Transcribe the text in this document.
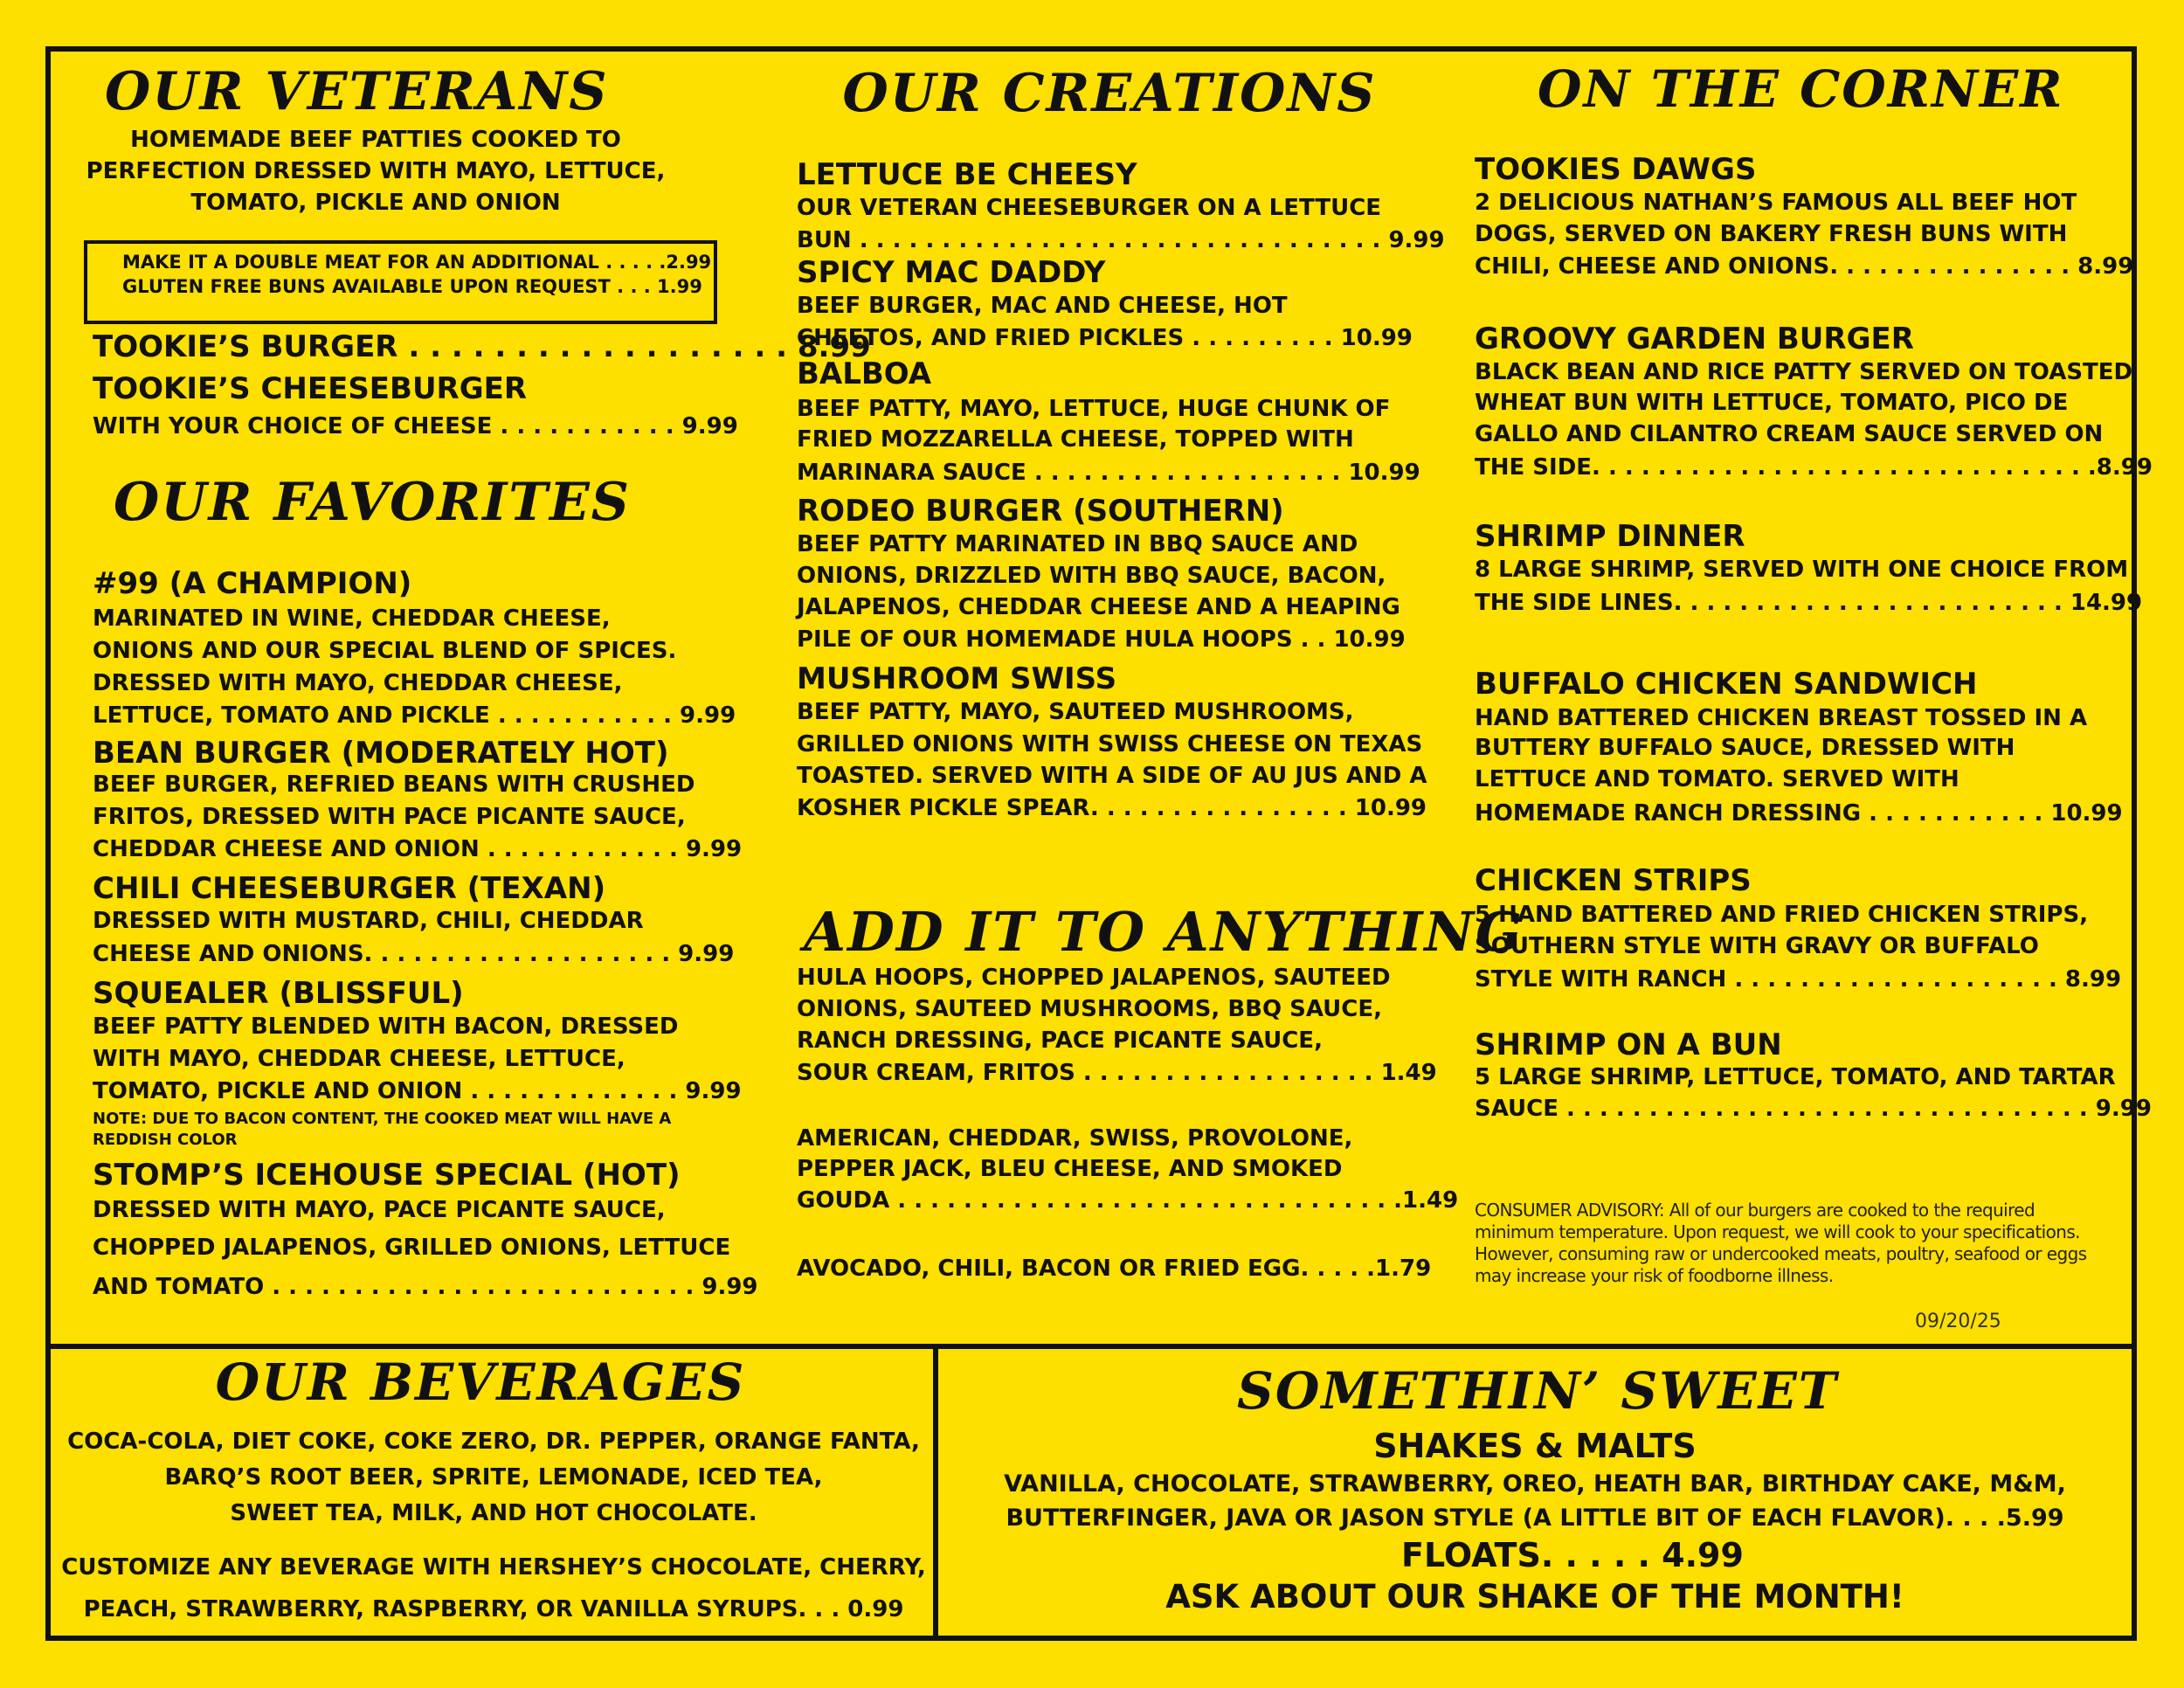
OUR VETERANS
HOMEMADE BEEF PATTIES COOKED TO
PERFECTION DRESSED WITH MAYO, LETTUCE,
TOMATO, PICKLE AND ONION
MAKE IT A DOUBLE MEAT FOR AN ADDITIONAL . . . . .2.99
GLUTEN FREE BUNS AVAILABLE UPON REQUEST . . . 1.99
TOOKIE’S BURGER . . . . . . . . . . . . . . . . . . 8.99
TOOKIE’S CHEESEBURGER
WITH YOUR CHOICE OF CHEESE . . . . . . . . . . . 9.99
OUR FAVORITES
#99 (A CHAMPION)
MARINATED IN WINE, CHEDDAR CHEESE,
ONIONS AND OUR SPECIAL BLEND OF SPICES.
DRESSED WITH MAYO, CHEDDAR CHEESE,
LETTUCE, TOMATO AND PICKLE . . . . . . . . . . . 9.99
BEAN BURGER (MODERATELY HOT)
BEEF BURGER, REFRIED BEANS WITH CRUSHED
FRITOS, DRESSED WITH PACE PICANTE SAUCE,
CHEDDAR CHEESE AND ONION . . . . . . . . . . . . 9.99
CHILI CHEESEBURGER (TEXAN)
DRESSED WITH MUSTARD, CHILI, CHEDDAR
CHEESE AND ONIONS. . . . . . . . . . . . . . . . . . . 9.99
SQUEALER (BLISSFUL)
BEEF PATTY BLENDED WITH BACON, DRESSED
WITH MAYO, CHEDDAR CHEESE, LETTUCE,
TOMATO, PICKLE AND ONION . . . . . . . . . . . . . 9.99
NOTE: DUE TO BACON CONTENT, THE COOKED MEAT WILL HAVE A
REDDISH COLOR
STOMP’S ICEHOUSE SPECIAL (HOT)
DRESSED WITH MAYO, PACE PICANTE SAUCE,
CHOPPED JALAPENOS, GRILLED ONIONS, LETTUCE
AND TOMATO . . . . . . . . . . . . . . . . . . . . . . . . . . 9.99
OUR CREATIONS
LETTUCE BE CHEESY
OUR VETERAN CHEESEBURGER ON A LETTUCE
BUN . . . . . . . . . . . . . . . . . . . . . . . . . . . . . . . . 9.99
SPICY MAC DADDY
BEEF BURGER, MAC AND CHEESE, HOT
CHEETOS, AND FRIED PICKLES . . . . . . . . . 10.99
BALBOA
BEEF PATTY, MAYO, LETTUCE, HUGE CHUNK OF
FRIED MOZZARELLA CHEESE, TOPPED WITH
MARINARA SAUCE . . . . . . . . . . . . . . . . . . . 10.99
RODEO BURGER (SOUTHERN)
BEEF PATTY MARINATED IN BBQ SAUCE AND
ONIONS, DRIZZLED WITH BBQ SAUCE, BACON,
JALAPENOS, CHEDDAR CHEESE AND A HEAPING
PILE OF OUR HOMEMADE HULA HOOPS . . 10.99
MUSHROOM SWISS
BEEF PATTY, MAYO, SAUTEED MUSHROOMS,
GRILLED ONIONS WITH SWISS CHEESE ON TEXAS
TOASTED. SERVED WITH A SIDE OF AU JUS AND A
KOSHER PICKLE SPEAR. . . . . . . . . . . . . . . . 10.99
ADD IT TO ANYTHING
HULA HOOPS, CHOPPED JALAPENOS, SAUTEED
ONIONS, SAUTEED MUSHROOMS, BBQ SAUCE,
RANCH DRESSING, PACE PICANTE SAUCE,
SOUR CREAM, FRITOS . . . . . . . . . . . . . . . . . . 1.49
AMERICAN, CHEDDAR, SWISS, PROVOLONE,
PEPPER JACK, BLEU CHEESE, AND SMOKED
GOUDA . . . . . . . . . . . . . . . . . . . . . . . . . . . . . . .1.49
AVOCADO, CHILI, BACON OR FRIED EGG. . . . .1.79
ON THE CORNER
TOOKIES DAWGS
2 DELICIOUS NATHAN’S FAMOUS ALL BEEF HOT
DOGS, SERVED ON BAKERY FRESH BUNS WITH
CHILI, CHEESE AND ONIONS. . . . . . . . . . . . . . . 8.99
GROOVY GARDEN BURGER
BLACK BEAN AND RICE PATTY SERVED ON TOASTED
WHEAT BUN WITH LETTUCE, TOMATO, PICO DE
GALLO AND CILANTRO CREAM SAUCE SERVED ON
THE SIDE. . . . . . . . . . . . . . . . . . . . . . . . . . . . . . .8.99
SHRIMP DINNER
8 LARGE SHRIMP, SERVED WITH ONE CHOICE FROM
THE SIDE LINES. . . . . . . . . . . . . . . . . . . . . . . . 14.99
BUFFALO CHICKEN SANDWICH
HAND BATTERED CHICKEN BREAST TOSSED IN A
BUTTERY BUFFALO SAUCE, DRESSED WITH
LETTUCE AND TOMATO. SERVED WITH
HOMEMADE RANCH DRESSING . . . . . . . . . . . 10.99
CHICKEN STRIPS
5 HAND BATTERED AND FRIED CHICKEN STRIPS,
SOUTHERN STYLE WITH GRAVY OR BUFFALO
STYLE WITH RANCH . . . . . . . . . . . . . . . . . . . . 8.99
SHRIMP ON A BUN
5 LARGE SHRIMP, LETTUCE, TOMATO, AND TARTAR
SAUCE . . . . . . . . . . . . . . . . . . . . . . . . . . . . . . . . 9.99
CONSUMER ADVISORY: All of our burgers are cooked to the required minimum temperature. Upon request, we will cook to your specifications. However, consuming raw or undercooked meats, poultry, seafood or eggs may increase your risk of foodborne illness.
09/20/25
OUR BEVERAGES
COCA-COLA, DIET COKE, COKE ZERO, DR. PEPPER, ORANGE FANTA,
BARQ’S ROOT BEER, SPRITE, LEMONADE, ICED TEA,
SWEET TEA, MILK, AND HOT CHOCOLATE.
CUSTOMIZE ANY BEVERAGE WITH HERSHEY’S CHOCOLATE, CHERRY,
PEACH, STRAWBERRY, RASPBERRY, OR VANILLA SYRUPS. . . 0.99
SOMETHIN’ SWEET
SHAKES & MALTS
VANILLA, CHOCOLATE, STRAWBERRY, OREO, HEATH BAR, BIRTHDAY CAKE, M&M,
BUTTERFINGER, JAVA OR JASON STYLE (A LITTLE BIT OF EACH FLAVOR). . . .5.99
FLOATS. . . . . 4.99
ASK ABOUT OUR SHAKE OF THE MONTH!
